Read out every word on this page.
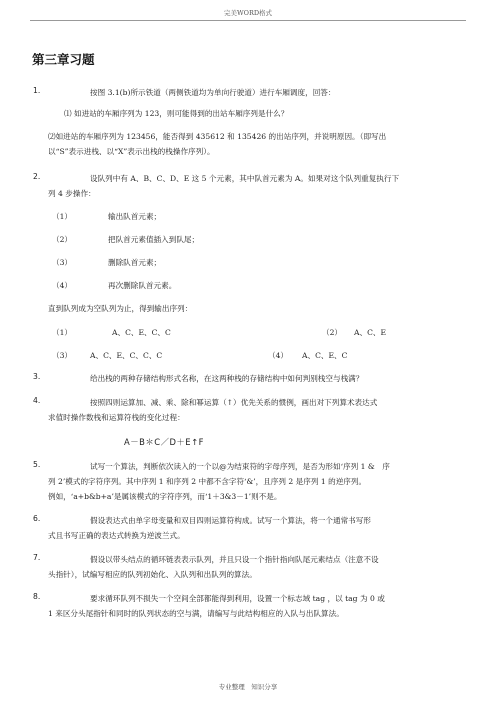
完美WORD格式
第三章习题
1.	按图 3.1(b)所示铁道（两侧铁道均为单向行驶道）进行车厢调度，回答：
⑴ 如进站的车厢序列为 123，则可能得到的出站车厢序列是什么？
⑵如进站的车厢序列为 123456，能否得到 435612 和 135426 的出站序列，并说明原因。（即写出
以“S”表示进栈、以“X”表示出栈的栈操作序列）。
2.	设队列中有 A、B、C、D、E 这 5 个元素，其中队首元素为 A。如果对这个队列重复执行下
列 4 步操作：
（1）	输出队首元素；
（2）	把队首元素值插入到队尾；
（3）	删除队首元素；
（4）	再次删除队首元素。
直到队列成为空队列为止，得到输出序列：
（1）	A、C、E、C、C	（2） A、C、E
（3） A、C、E、C、C、C	（4） A、C、E、C
3.	给出栈的两种存储结构形式名称，在这两种栈的存储结构中如何判别栈空与栈满？
4.	按照四则运算加、减、乘、除和幂运算（↑）优先关系的惯例，画出对下列算术表达式
求值时操作数栈和运算符栈的变化过程：
A－B＊C／D＋E↑F
5.	试写一个算法，判断依次读入的一个以@为结束符的字母序列，是否为形如‘序列 1 &　序
列 2’模式的字符序列。其中序列 1 和序列 2 中都不含字符‘&’，且序列 2 是序列 1 的逆序列。
例如，‘a+b&b+a’是属该模式的字符序列，而‘1＋3&3－1’则不是。
6.	假设表达式由单字母变量和双目四则运算符构成。试写一个算法，将一个通常书写形
式且书写正确的表达式转换为逆波兰式。
7.	假设以带头结点的循环链表表示队列，并且只设一个指针指向队尾元素结点（注意不设
头指针），试编写相应的队列初始化、入队列和出队列的算法。
8.	要求循环队列不损失一个空间全部都能得到利用，设置一个标志域 tag ，以 tag 为 0 或
1 来区分头尾指针和同时的队列状态的空与满，请编写与此结构相应的入队与出队算法。
专业整理　知识分享
